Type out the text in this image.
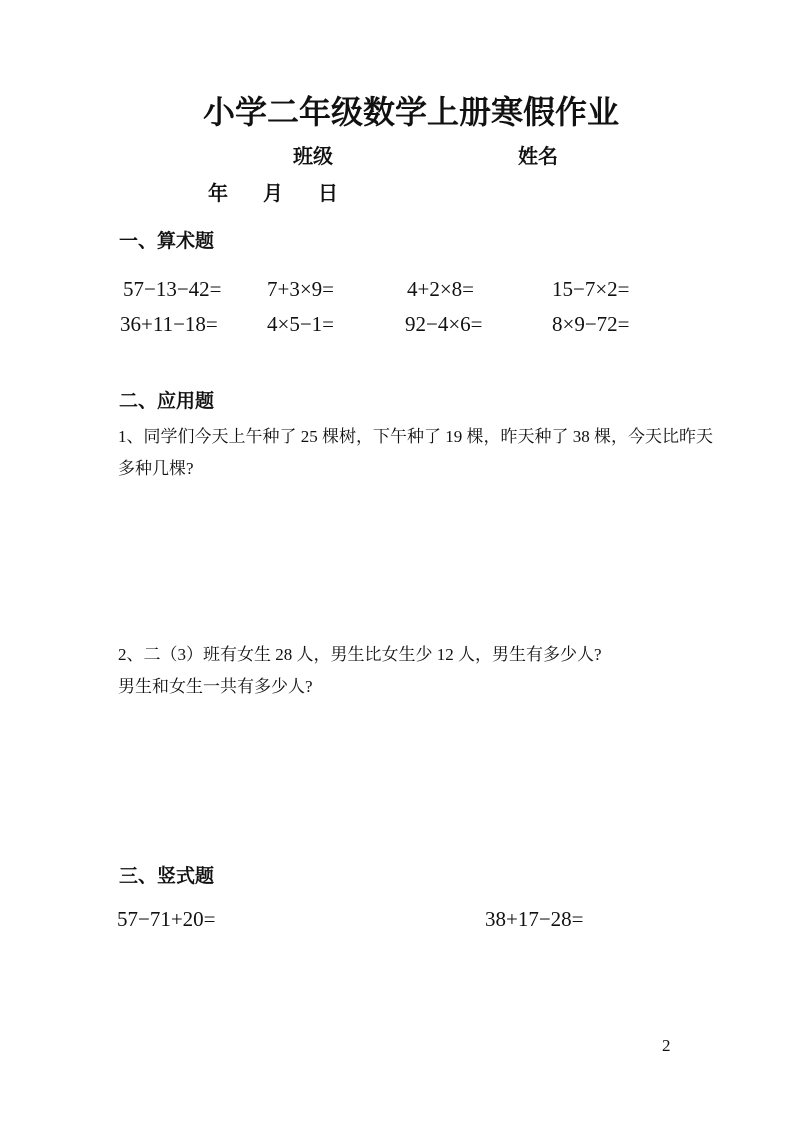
小学二年级数学上册寒假作业
班级	姓名
年 月 日
一、算术题
57−13−42= 7+3×9=	4+2×8=	15−7×2=
36+11−18= 4×5−1=	92−4×6=	8×9−72=
二、应用题
1、同学们今天上午种了 25 棵树，下午种了 19 棵，昨天种了 38 棵，今天比昨天
多种几棵?
2、二（3）班有女生 28 人，男生比女生少 12 人，男生有多少人?
男生和女生一共有多少人?
三、竖式题
57−71+20=	38+17−28=
2
